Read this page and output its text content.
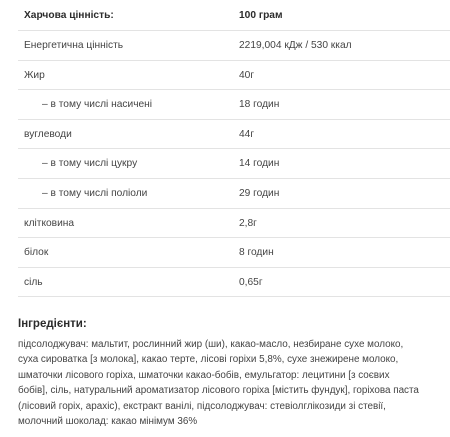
Харчова цінність:	100 грам
Енергетична цінність	2219,004 кДж / 530 ккал
Жир	40г
– в тому числі насичені	18 годин
вуглеводи	44г
– в тому числі цукру	14 годин
– в тому числі поліоли	29 годин
клітковина	2,8г
білок	8 годин
сіль	0,65г
Інгредієнти:
підсолоджувач: мальтит, рослинний жир (ши), какао-масло, незбиране сухе молоко,
суха сироватка [з молока], какао терте, лісові горіхи 5,8%, сухе знежирене молоко,
шматочки лісового горіха, шматочки какао-бобів, емульгатор: лецитини [з соєвих
бобів], сіль, натуральний ароматизатор лісового горіха [містить фундук], горіхова паста
(лісовий горіх, арахіс), екстракт ванілі, підсолоджувач: стевіолглікозиди зі стевії,
молочний шоколад: какао мінімум 36%
